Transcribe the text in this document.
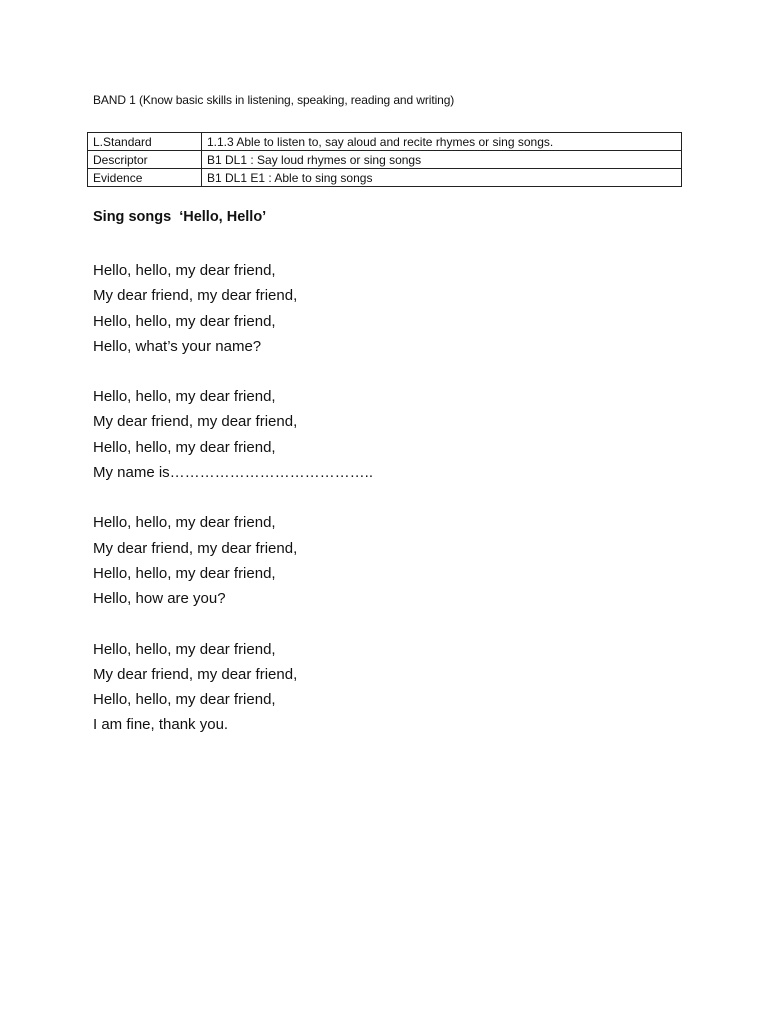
BAND 1 (Know basic skills in listening, speaking, reading and writing)
L.Standard	1.1.3 Able to listen to, say aloud and recite rhymes or sing songs.
Descriptor	B1 DL1 : Say loud rhymes or sing songs
Evidence	B1 DL1 E1 : Able to sing songs
Sing songs  ‘Hello, Hello’
Hello, hello, my dear friend,
My dear friend, my dear friend,
Hello, hello, my dear friend,
Hello, what’s your name?
Hello, hello, my dear friend,
My dear friend, my dear friend,
Hello, hello, my dear friend,
My name is…………………………………..
Hello, hello, my dear friend,
My dear friend, my dear friend,
Hello, hello, my dear friend,
Hello, how are you?
Hello, hello, my dear friend,
My dear friend, my dear friend,
Hello, hello, my dear friend,
I am fine, thank you.
